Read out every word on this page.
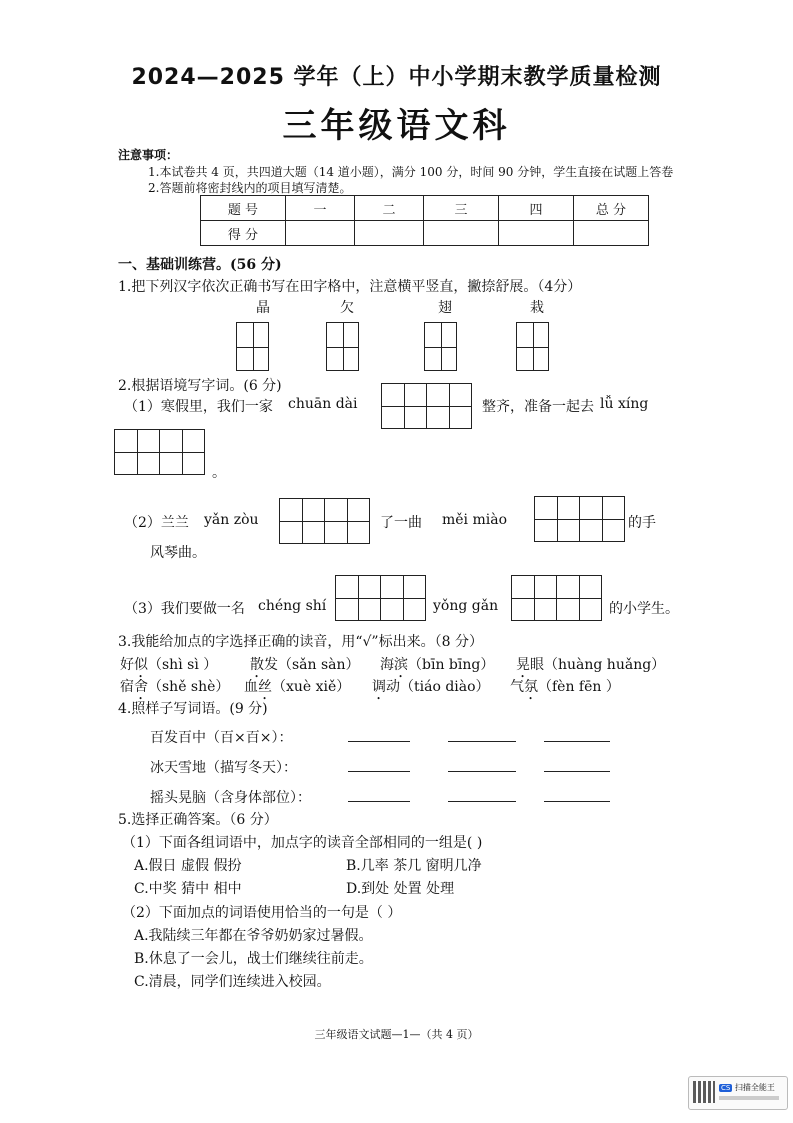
2024—2025 学年（上）中小学期末教学质量检测
三年级语文科
注意事项：
1.本试卷共 4 页，共四道大题（14 道小题），满分 100 分，时间 90 分钟，学生直接在试题上答卷
2.答题前将密封线内的项目填写清楚。
题 号	一	二	三	四	总 分
得 分					
一、基础训练营。(56 分)
1.把下列汉字依次正确书写在田字格中，注意横平竖直，撇捺舒展。（4分）
晶	欠	翅	栽
2.根据语境写字词。(6 分)
（1）寒假里，我们一家 chuān dài	整齐，准备一起去 lǚ xíng
。
（2）兰兰 yǎn zòu	了一曲 měi miào	的手
风琴曲。
（3）我们要做一名 chéng shí	yǒng gǎn	的小学生。
3.我能给加点的字选择正确的读音，用“√”标出来。（8 分）
好似（shì sì ） 散发（sǎn sàn） 海滨（bīn bīng） 晃眼（huàng huǎng）
宿舍（shě shè） 血丝（xuè xiě） 调动（tiáo diào） 气氛（fèn fēn ）
4.照样子写词语。(9 分)
百发百中（百×百×）：
冰天雪地（描写冬天）：
摇头晃脑（含身体部位）：
5.选择正确答案。（6 分）
（1）下面各组词语中，加点字的读音全部相同的一组是( )
A.假日 虚假 假扮	B.几率 茶几 窗明几净
C.中奖 猜中 相中	D.到处 处置 处理
（2）下面加点的词语使用恰当的一句是（ ）
A.我陆续三年都在爷爷奶奶家过暑假。
B.休息了一会儿，战士们继续往前走。
C.清晨，同学们连续进入校园。
三年级语文试题—1—（共 4 页）
CS 扫描全能王
